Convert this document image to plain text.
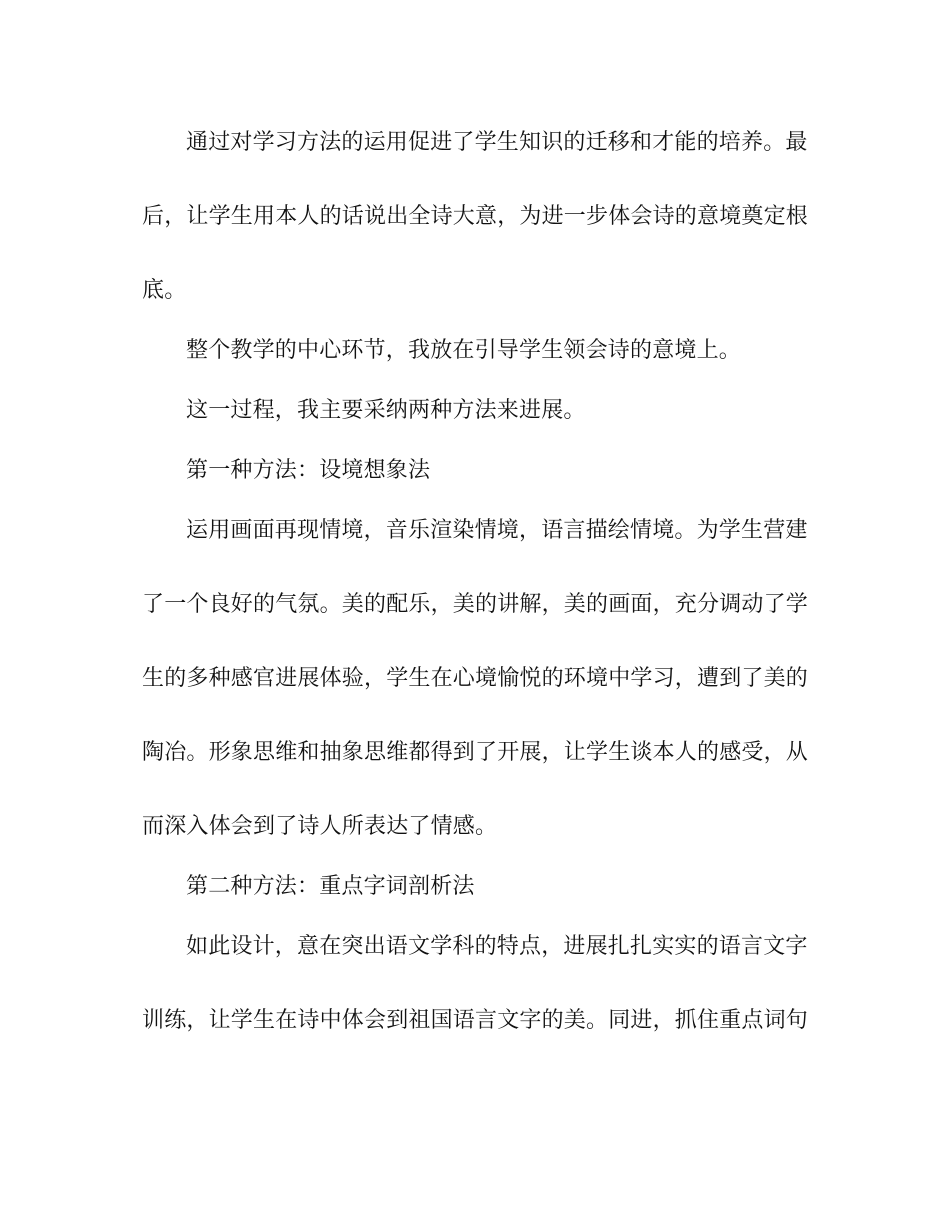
通过对学习方法的运用促进了学生知识的迁移和才能的培养。最
后，让学生用本人的话说出全诗大意，为进一步体会诗的意境奠定根
底。
整个教学的中心环节，我放在引导学生领会诗的意境上。
这一过程，我主要采纳两种方法来进展。
第一种方法：设境想象法
运用画面再现情境，音乐渲染情境，语言描绘情境。为学生营建
了一个良好的气氛。美的配乐，美的讲解，美的画面，充分调动了学
生的多种感官进展体验，学生在心境愉悦的环境中学习，遭到了美的
陶冶。形象思维和抽象思维都得到了开展，让学生谈本人的感受，从
而深入体会到了诗人所表达了情感。
第二种方法：重点字词剖析法
如此设计，意在突出语文学科的特点，进展扎扎实实的语言文字
训练，让学生在诗中体会到祖国语言文字的美。同进，抓住重点词句
